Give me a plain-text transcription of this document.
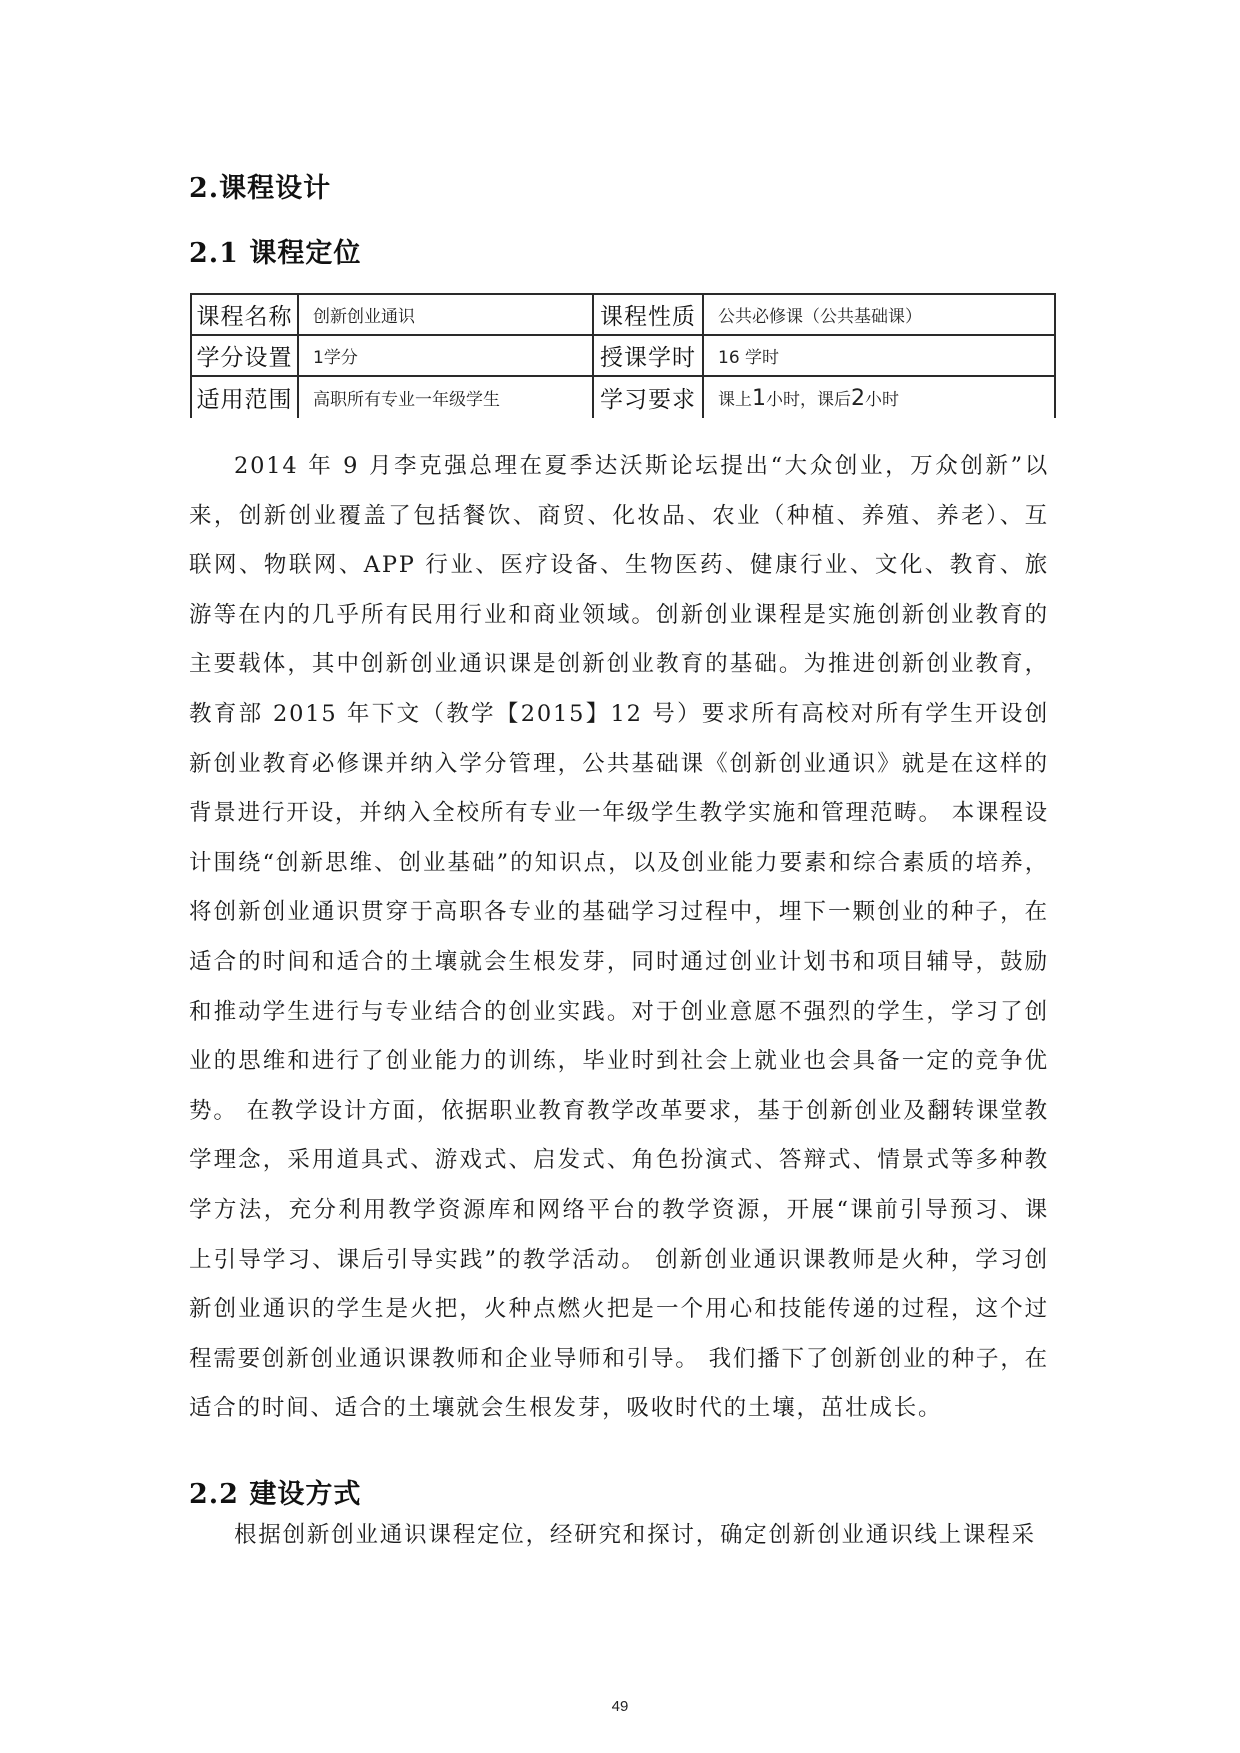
2.课程设计
2.1 课程定位
课程名称	创新创业通识	课程性质	公共必修课（公共基础课）
学分设置	1学分	授课学时	16 学时
适用范围	高职所有专业一年级学生	学习要求	课上1小时，课后2小时

2014 年 9 月李克强总理在夏季达沃斯论坛提出“大众创业，万众创新”以来，创新创业覆盖了包括餐饮、商贸、化妆品、农业（种植、养殖、养老）、互联网、物联网、APP 行业、医疗设备、生物医药、健康行业、文化、教育、旅游等在内的几乎所有民用行业和商业领域。创新创业课程是实施创新创业教育的主要载体，其中创新创业通识课是创新创业教育的基础。为推进创新创业教育，教育部 2015 年下文（教学【2015】12 号）要求所有高校对所有学生开设创新创业教育必修课并纳入学分管理，公共基础课《创新创业通识》就是在这样的背景进行开设，并纳入全校所有专业一年级学生教学实施和管理范畴。 本课程设计围绕“创新思维、创业基础”的知识点，以及创业能力要素和综合素质的培养，将创新创业通识贯穿于高职各专业的基础学习过程中，埋下一颗创业的种子，在适合的时间和适合的土壤就会生根发芽，同时通过创业计划书和项目辅导，鼓励和推动学生进行与专业结合的创业实践。对于创业意愿不强烈的学生，学习了创业的思维和进行了创业能力的训练，毕业时到社会上就业也会具备一定的竞争优势。 在教学设计方面，依据职业教育教学改革要求，基于创新创业及翻转课堂教学理念，采用道具式、游戏式、启发式、角色扮演式、答辩式、情景式等多种教学方法，充分利用教学资源库和网络平台的教学资源，开展“课前引导预习、课上引导学习、课后引导实践”的教学活动。 创新创业通识课教师是火种，学习创新创业通识的学生是火把，火种点燃火把是一个用心和技能传递的过程，这个过程需要创新创业通识课教师和企业导师和引导。 我们播下了创新创业的种子，在适合的时间、适合的土壤就会生根发芽，吸收时代的土壤，茁壮成长。

2.2 建设方式

根据创新创业通识课程定位，经研究和探讨，确定创新创业通识线上课程采

49
